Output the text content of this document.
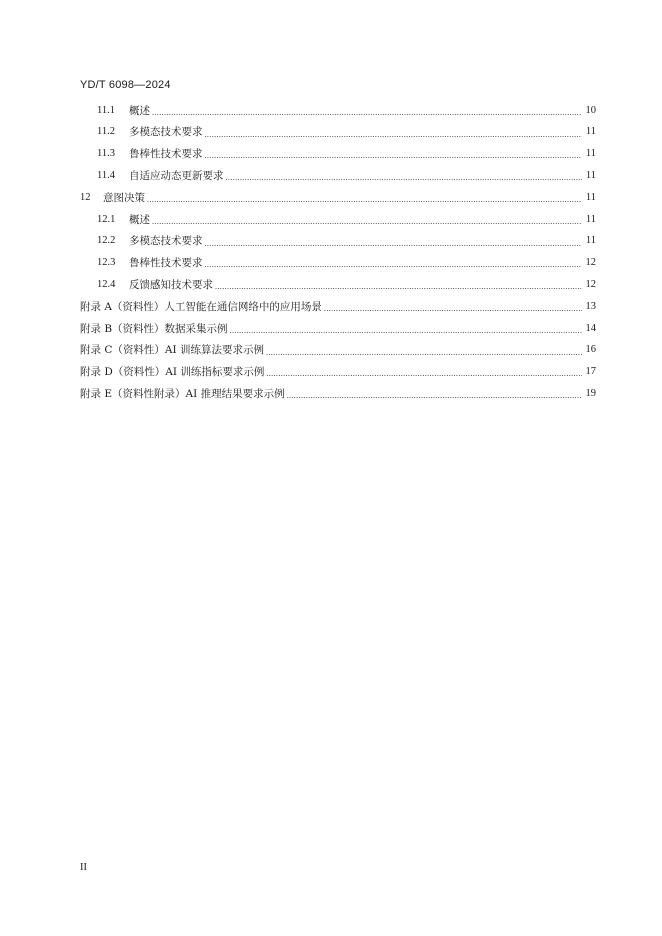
YD/T 6098—2024
11.1	概述 .....	10
11.2	多模态技术要求 .....	11
11.3	鲁棒性技术要求 .....	11
11.4	自适应动态更新要求 .....	11
12	意图决策 .....	11
12.1	概述 .....	11
12.2	多模态技术要求 .....	11
12.3	鲁棒性技术要求 .....	12
12.4	反馈感知技术要求 .....	12
附录 A（资料性）人工智能在通信网络中的应用场景 .....	13
附录 B（资料性）数据采集示例 .....	14
附录 C（资料性）AI 训练算法要求示例 .....	16
附录 D（资料性）AI 训练指标要求示例 .....	17
附录 E（资料性附录）AI 推理结果要求示例 .....	19
II
